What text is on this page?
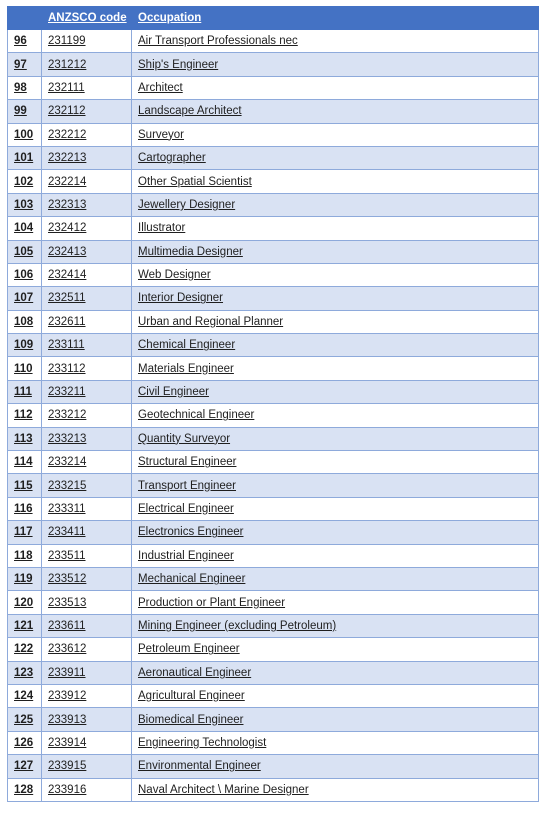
	ANZSCO code	Occupation
96	231199	Air Transport Professionals nec
97	231212	Ship's Engineer
98	232111	Architect
99	232112	Landscape Architect
100	232212	Surveyor
101	232213	Cartographer
102	232214	Other Spatial Scientist
103	232313	Jewellery Designer
104	232412	Illustrator
105	232413	Multimedia Designer
106	232414	Web Designer
107	232511	Interior Designer
108	232611	Urban and Regional Planner
109	233111	Chemical Engineer
110	233112	Materials Engineer
111	233211	Civil Engineer
112	233212	Geotechnical Engineer
113	233213	Quantity Surveyor
114	233214	Structural Engineer
115	233215	Transport Engineer
116	233311	Electrical Engineer
117	233411	Electronics Engineer
118	233511	Industrial Engineer
119	233512	Mechanical Engineer
120	233513	Production or Plant Engineer
121	233611	Mining Engineer (excluding Petroleum)
122	233612	Petroleum Engineer
123	233911	Aeronautical Engineer
124	233912	Agricultural Engineer
125	233913	Biomedical Engineer
126	233914	Engineering Technologist
127	233915	Environmental Engineer
128	233916	Naval Architect \ Marine Designer
